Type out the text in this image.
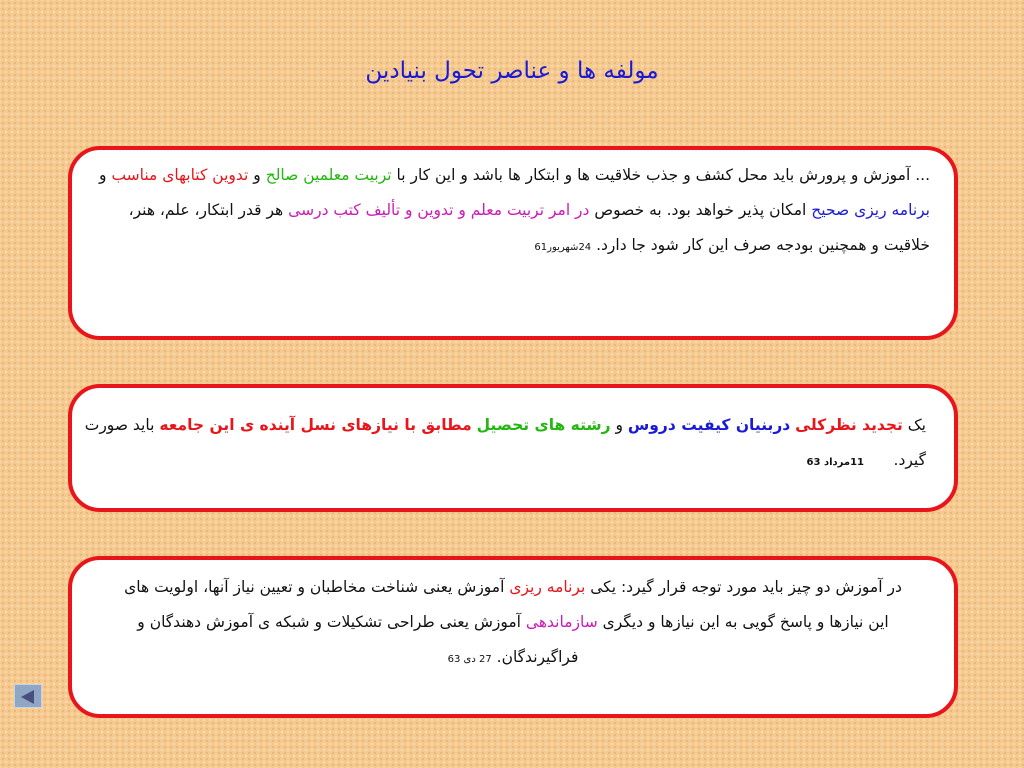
مولفه ها و عناصر تحول بنیادین
... آموزش و پرورش باید محل کشف و جذب خلاقیت ها و ابتکار ها باشد و این کار با تربیت معلمین صالح و تدوین کتابهای مناسب و برنامه ریزی صحیح امکان پذیر خواهد بود. به خصوص در امر تربیت معلم و تدوین و تألیف کتب درسی هر قدر ابتکار، علم، هنر، خلاقیت و همچنین بودجه صرف این کار شود جا دارد. 24شهریور61
یک تجدید نظرکلی دربنیان کیفیت دروس و رشته های تحصیل مطابق با نیازهای نسل آینده ی این جامعه باید صورت گیرد.      11مرداد 63
در آموزش دو چیز باید مورد توجه قرار گیرد: یکی برنامه ریزی آموزش یعنی شناخت مخاطبان و تعیین نیاز آنها، اولویت های این نیازها و پاسخ گویی به این نیازها و دیگری سازماندهی آموزش یعنی طراحی تشکیلات و شبکه ی آموزش دهندگان و فراگیرندگان. 27 دی 63
